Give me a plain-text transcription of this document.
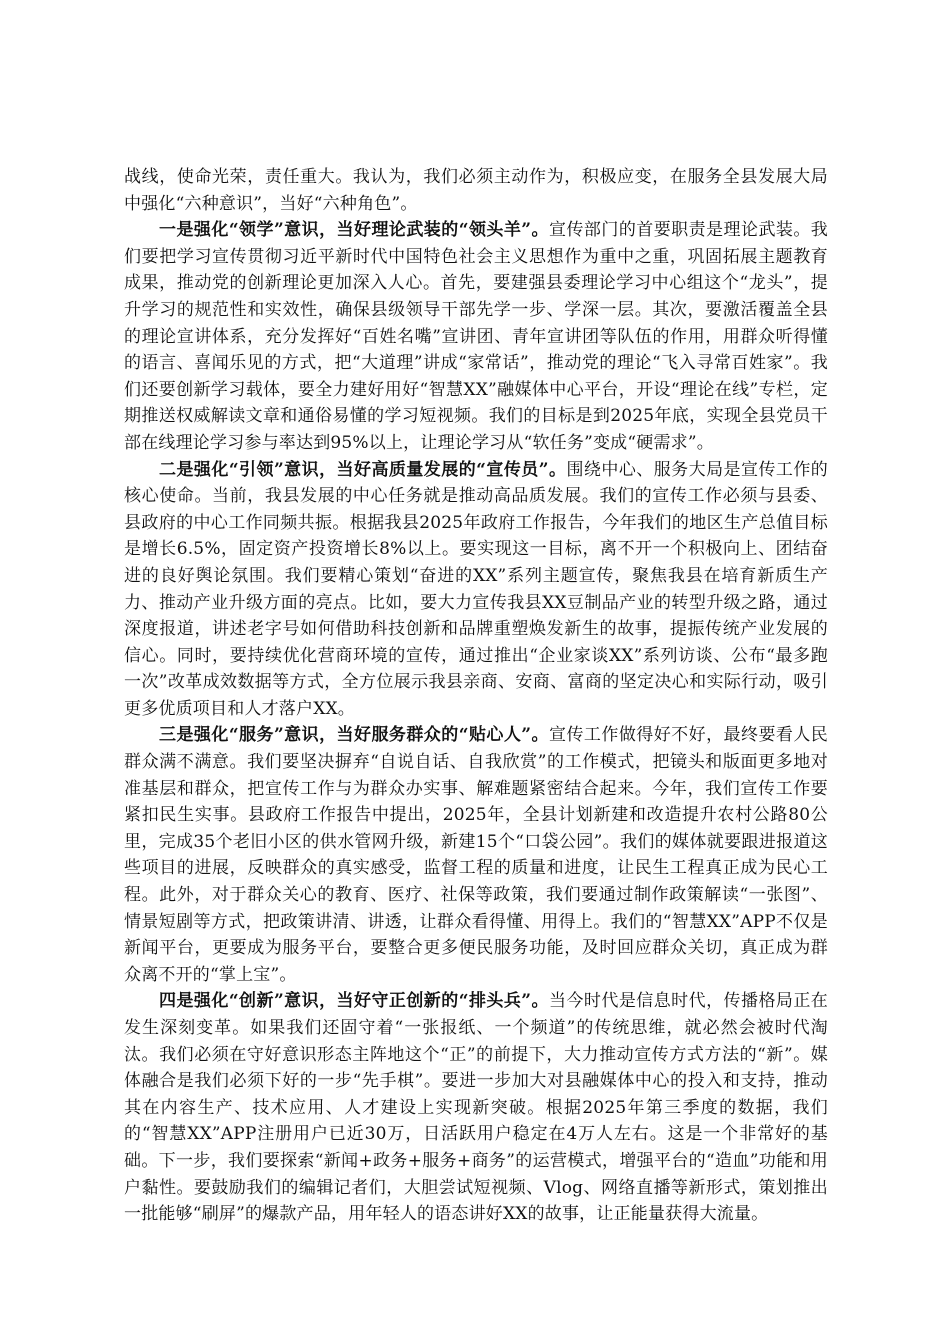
战线，使命光荣，责任重大。我认为，我们必须主动作为，积极应变，在服务全县发展大局中强化“六种意识”，当好“六种角色”。

一是强化“领学”意识，当好理论武装的“领头羊”。宣传部门的首要职责是理论武装。我们要把学习宣传贯彻习近平新时代中国特色社会主义思想作为重中之重，巩固拓展主题教育成果，推动党的创新理论更加深入人心。首先，要建强县委理论学习中心组这个“龙头”，提升学习的规范性和实效性，确保县级领导干部先学一步、学深一层。其次，要激活覆盖全县的理论宣讲体系，充分发挥好“百姓名嘴”宣讲团、青年宣讲团等队伍的作用，用群众听得懂的语言、喜闻乐见的方式，把“大道理”讲成“家常话”，推动党的理论“飞入寻常百姓家”。我们还要创新学习载体，要全力建好用好“智慧XX”融媒体中心平台，开设“理论在线”专栏，定期推送权威解读文章和通俗易懂的学习短视频。我们的目标是到2025年底，实现全县党员干部在线理论学习参与率达到95%以上，让理论学习从“软任务”变成“硬需求”。

二是强化“引领”意识，当好高质量发展的“宣传员”。围绕中心、服务大局是宣传工作的核心使命。当前，我县发展的中心任务就是推动高品质发展。我们的宣传工作必须与县委、县政府的中心工作同频共振。根据我县2025年政府工作报告，今年我们的地区生产总值目标是增长6.5%，固定资产投资增长8%以上。要实现这一目标，离不开一个积极向上、团结奋进的良好舆论氛围。我们要精心策划“奋进的XX”系列主题宣传，聚焦我县在培育新质生产力、推动产业升级方面的亮点。比如，要大力宣传我县XX豆制品产业的转型升级之路，通过深度报道，讲述老字号如何借助科技创新和品牌重塑焕发新生的故事，提振传统产业发展的信心。同时，要持续优化营商环境的宣传，通过推出“企业家谈XX”系列访谈、公布“最多跑一次”改革成效数据等方式，全方位展示我县亲商、安商、富商的坚定决心和实际行动，吸引更多优质项目和人才落户XX。

三是强化“服务”意识，当好服务群众的“贴心人”。宣传工作做得好不好，最终要看人民群众满不满意。我们要坚决摒弃“自说自话、自我欣赏”的工作模式，把镜头和版面更多地对准基层和群众，把宣传工作与为群众办实事、解难题紧密结合起来。今年，我们宣传工作要紧扣民生实事。县政府工作报告中提出，2025年，全县计划新建和改造提升农村公路80公里，完成35个老旧小区的供水管网升级，新建15个“口袋公园”。我们的媒体就要跟进报道这些项目的进展，反映群众的真实感受，监督工程的质量和进度，让民生工程真正成为民心工程。此外，对于群众关心的教育、医疗、社保等政策，我们要通过制作政策解读“一张图”、情景短剧等方式，把政策讲清、讲透，让群众看得懂、用得上。我们的“智慧XX”APP不仅是新闻平台，更要成为服务平台，要整合更多便民服务功能，及时回应群众关切，真正成为群众离不开的“掌上宝”。

四是强化“创新”意识，当好守正创新的“排头兵”。当今时代是信息时代，传播格局正在发生深刻变革。如果我们还固守着“一张报纸、一个频道”的传统思维，就必然会被时代淘汰。我们必须在守好意识形态主阵地这个“正”的前提下，大力推动宣传方式方法的“新”。媒体融合是我们必须下好的一步“先手棋”。要进一步加大对县融媒体中心的投入和支持，推动其在内容生产、技术应用、人才建设上实现新突破。根据2025年第三季度的数据，我们的“智慧XX”APP注册用户已近30万，日活跃用户稳定在4万人左右。这是一个非常好的基础。下一步，我们要探索“新闻+政务+服务+商务”的运营模式，增强平台的“造血”功能和用户黏性。要鼓励我们的编辑记者们，大胆尝试短视频、Vlog、网络直播等新形式，策划推出一批能够“刷屏”的爆款产品，用年轻人的语态讲好XX的故事，让正能量获得大流量。
